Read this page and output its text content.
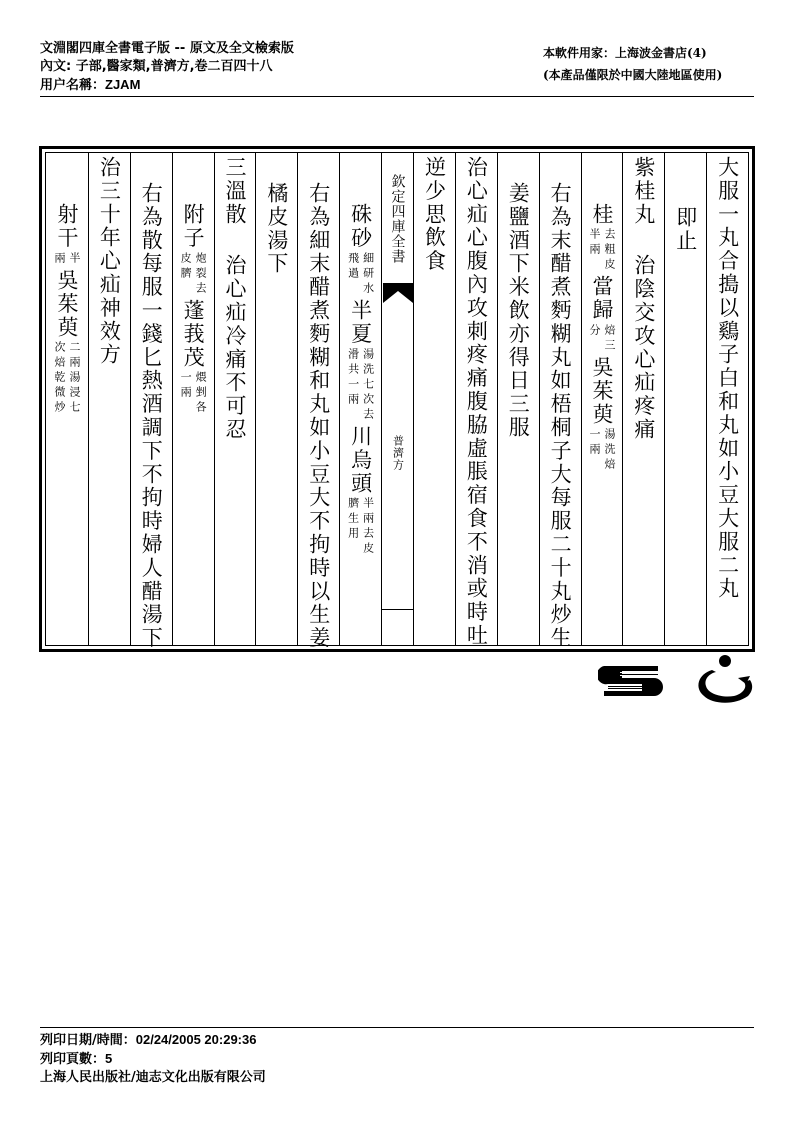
文淵閣四庫全書電子版 -- 原文及全文檢索版
內文: 子部,醫家類,普濟方,卷二百四十八
用户名稱：ZJAM
本軟件用家：上海波金書店(4)
(本產品僅限於中國大陸地區使用)
大服一丸合搗以鷄子白和丸如小豆大服二丸
即止
紫桂丸治陰交攻心疝疼痛
桂
去粗皮
半兩
當歸
焙三
分
吳茱萸
湯洗焙
一兩
右為末醋煮麪糊丸如梧桐子大每服二十丸炒生
姜鹽酒下米飲亦得日三服
治心疝心腹內攻刺疼痛腹脇虛脹宿食不消或時吐
逆少思飲食
欽定四庫全書
普濟方
硃砂
細研水
飛過
半夏
湯洗七次去
滑共一兩
川烏頭
半兩去皮
臍生用
右為細末醋煮麪糊和丸如小豆大不拘時以生姜
橘皮湯下
三溫散治心疝冷痛不可忍
附子
炮裂去
皮臍
蓬莪茂
煨剉各
一兩
右為散每服一錢匕熱酒調下不拘時婦人醋湯下
治三十年心疝神效方
射干
半
兩
吳茱萸
二兩湯浸七
次焙乾微炒
列印日期/時間：02/24/2005 20:29:36
列印頁數：5
上海人民出版社/迪志文化出版有限公司
